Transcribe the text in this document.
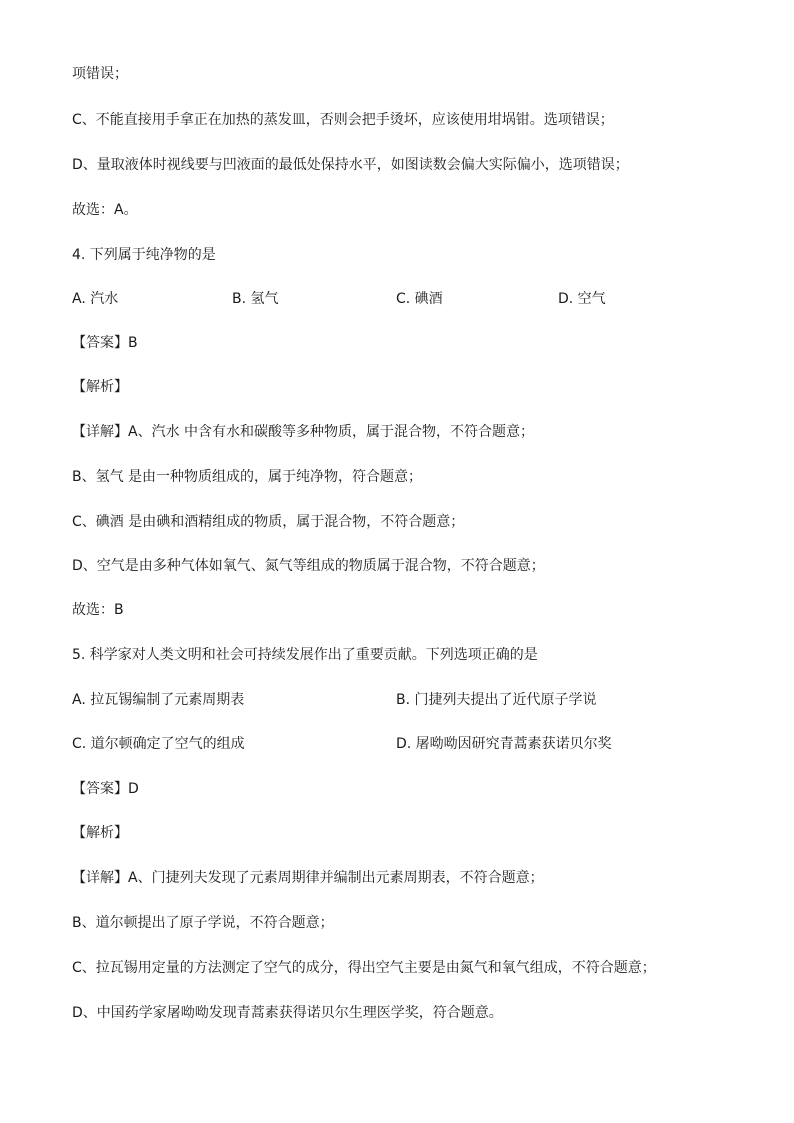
项错误；
C、不能直接用手拿正在加热的蒸发皿，否则会把手烫坏，应该使用坩埚钳。选项错误；
D、量取液体时视线要与凹液面的最低处保持水平，如图读数会偏大实际偏小，选项错误；
故选：A。
4. 下列属于纯净物的是
A. 汽水	B. 氢气	C. 碘酒	D. 空气
【答案】B
【解析】
【详解】A、汽水 中含有水和碳酸等多种物质，属于混合物，不符合题意；
B、氢气 是由一种物质组成的，属于纯净物，符合题意；
C、碘酒 是由碘和酒精组成的物质，属于混合物，不符合题意；
D、空气是由多种气体如氧气、氮气等组成的物质属于混合物，不符合题意；
故选：B
5. 科学家对人类文明和社会可持续发展作出了重要贡献。下列选项正确的是
A. 拉瓦锡编制了元素周期表	B. 门捷列夫提出了近代原子学说
C. 道尔顿确定了空气的组成	D. 屠呦呦因研究青蒿素获诺贝尔奖
【答案】D
【解析】
【详解】A、门捷列夫发现了元素周期律并编制出元素周期表，不符合题意；
B、道尔顿提出了原子学说，不符合题意；
C、拉瓦锡用定量的方法测定了空气的成分，得出空气主要是由氮气和氧气组成，不符合题意；
D、中国药学家屠呦呦发现青蒿素获得诺贝尔生理医学奖，符合题意。
